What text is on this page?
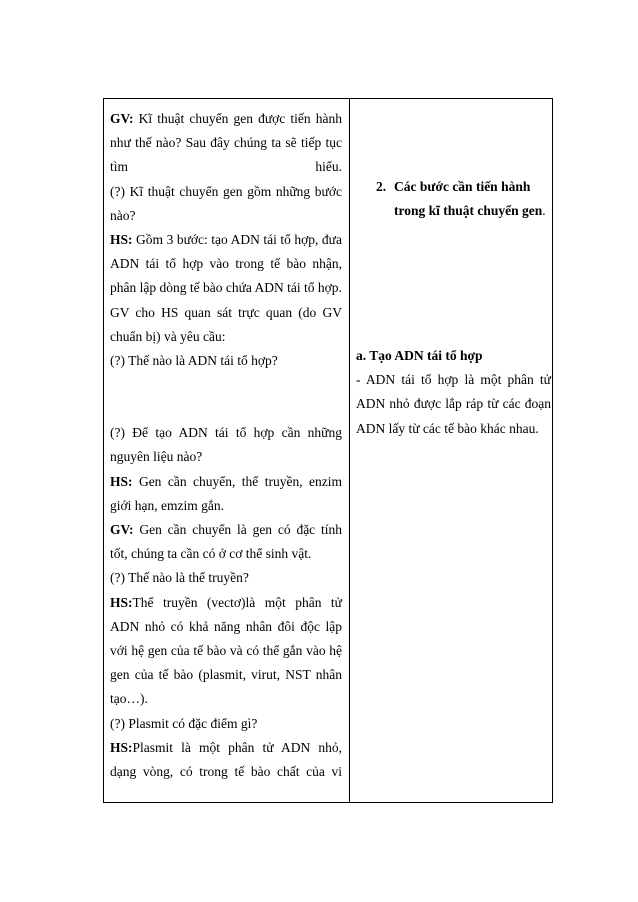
GV: Kĩ thuật chuyển gen được tiến hành như thế nào? Sau đây chúng ta sẽ tiếp tục tìm hiểu.

(?) Kĩ thuật chuyển gen gồm những bước nào?

HS: Gồm 3 bước: tạo ADN tái tổ hợp, đưa ADN tái tổ hợp vào trong tế bào nhận, phân lập dòng tế bào chứa ADN tái tổ hợp.

GV cho HS quan sát trực quan (do GV chuẩn bị) và yêu cầu:

(?) Thế nào là ADN tái tổ hợp?

(?) Để tạo ADN tái tổ hợp cần những nguyên liệu nào?

HS: Gen cần chuyển, thể truyền, enzim giới hạn, emzim gắn.

GV: Gen cần chuyển là gen có đặc tính tốt, chúng ta cần có ở cơ thể sinh vật.

(?) Thế nào là thể truyền?

HS:Thể truyền (vectơ)là một phân tử ADN nhỏ có khả năng nhân đôi độc lập với hệ gen của tế bào và có thể gắn vào hệ gen của tế bào (plasmit, virut, NST nhân tạo…).

(?) Plasmit có đặc điểm gì?

HS:Plasmit là một phân tử ADN nhỏ, dạng vòng, có trong tế bào chất của vi

2. Các bước cần tiến hành trong kĩ thuật chuyển gen.

a. Tạo ADN tái tổ hợp

- ADN tái tổ hợp là một phân tử ADN nhỏ được lắp ráp từ các đoạn ADN lấy từ các tế bào khác nhau.
